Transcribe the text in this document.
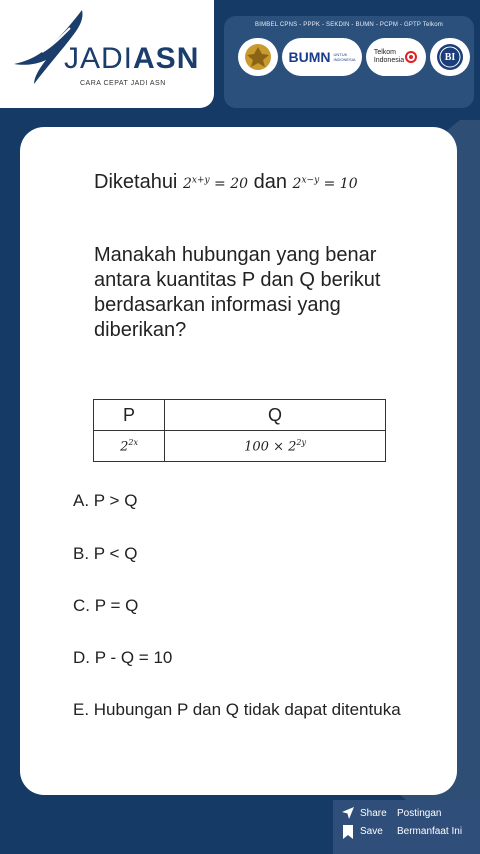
JADIASN
CARA CEPAT JADI ASN
BIMBEL CPNS - PPPK - SEKDIN - BUMN - PCPM - GPTP Telkom
BUMN UNTUK INDONESIA
Telkom
Indonesia	BI
Diketahui $2^{x+y} = 20$ dan $2^{x-y} = 10$
Manakah hubungan yang benar antara kuantitas P dan Q berikut berdasarkan informasi yang diberikan?
P	Q
$2^{2x}$	$100 \times 2^{2y}$
A. P > Q
B. P < Q
C. P = Q
D. P - Q = 10
E. Hubungan P dan Q tidak dapat ditentuka
Share
Save
Postingan
Bermanfaat Ini
